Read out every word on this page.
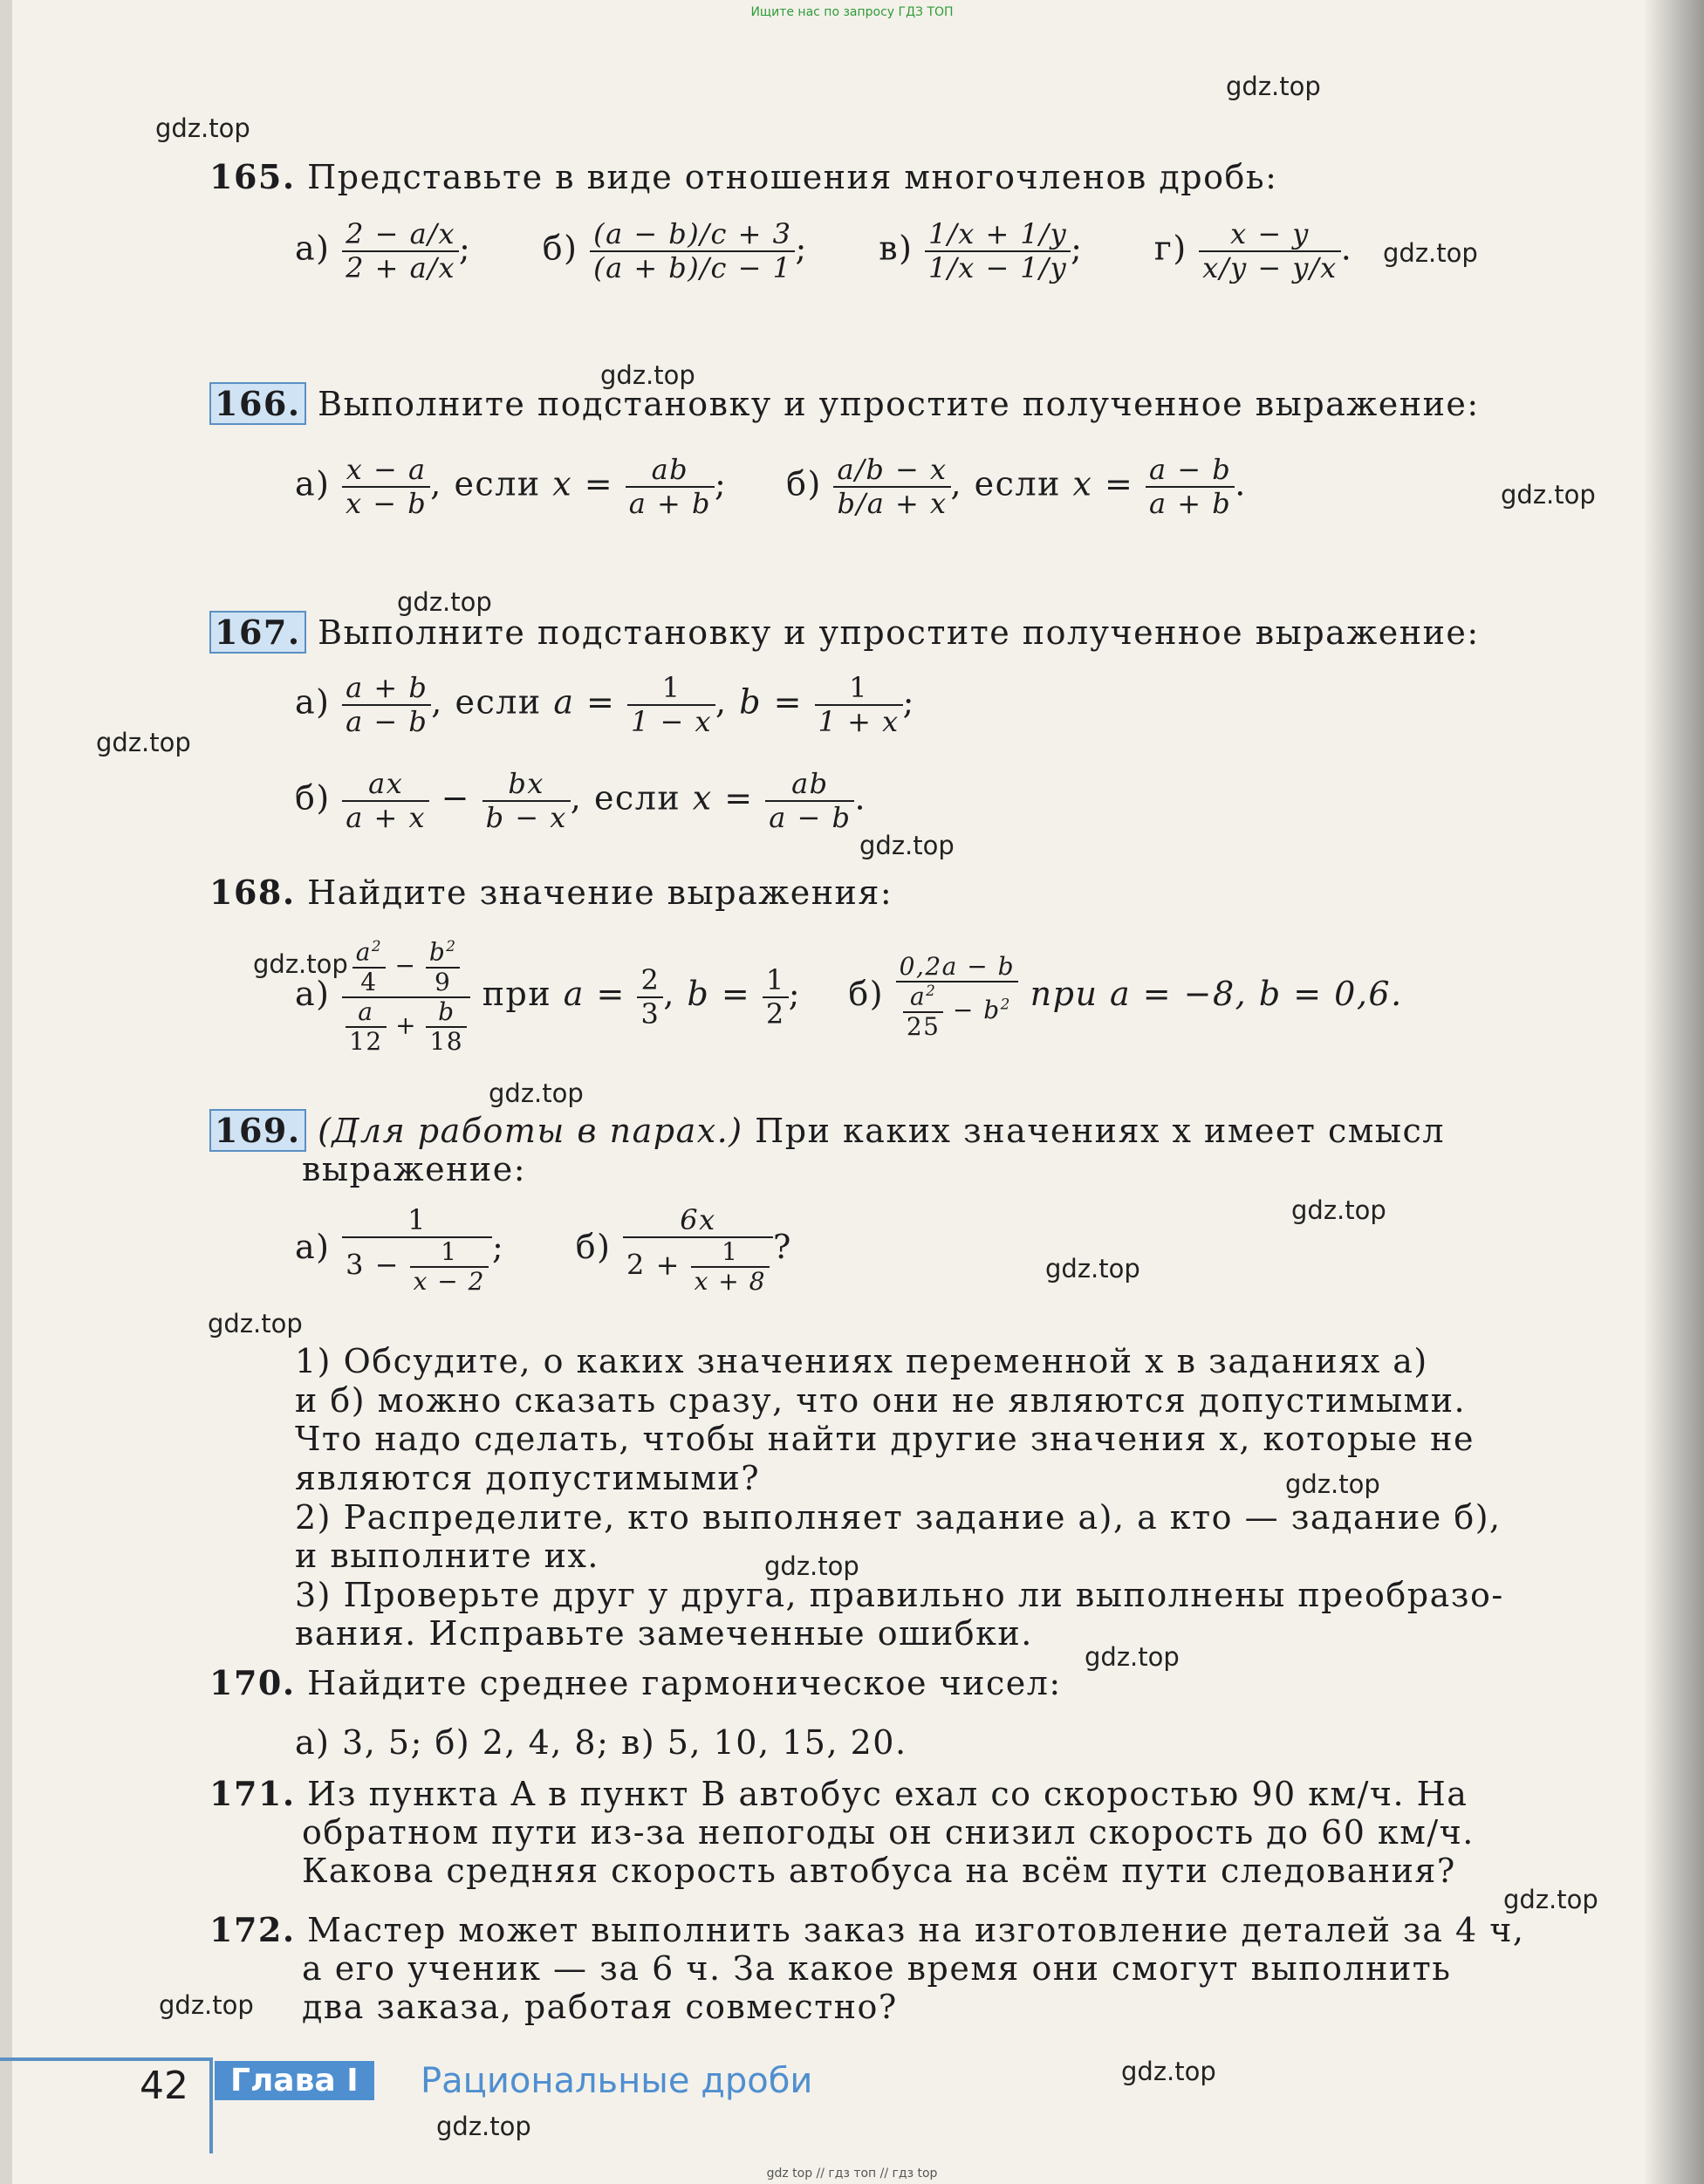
Ищите нас по запросу ГДЗ ТОП
gdz.top
gdz.top
gdz.top
gdz.top
gdz.top
gdz.top
gdz.top
gdz.top
gdz.top
gdz.top
gdz.top
gdz.top
gdz.top
gdz.top
gdz.top
gdz.top
gdz.top
gdz.top
gdz.top
gdz.top
165. Представьте в виде отношения многочленов дробь:
$а) \frac{2 - a/x}{2 + a/x}$ ;      $б) \frac{(a - b)/c + 3}{(a + b)/c - 1}$ ;      $в) \frac{1/x + 1/y}{1/x - 1/y}$ ;      $г) \frac{x - y}{x/y - y/x}$ .
166. Выполните подстановку и упростите полученное выражение:
$а) \frac{x - a}{x - b}$ , если $x = \frac{ab}{a + b}$ ;     $б) \frac{a/b - x}{b/a + x}$ , если $x = \frac{a - b}{a + b}$ .
167. Выполните подстановку и упростите полученное выражение:
$а) \frac{a + b}{a - b}$ , если $a = \frac{1}{1 - x}$ , $b = \frac{1}{1 + x}$ ;
$б) \frac{ax}{a + x} - \frac{bx}{b - x}$ , если $x = \frac{ab}{a - b}$ .
168. Найдите значение выражения:
$а) \frac{\frac{a^2}{4} - \frac{b^2}{9}}{\frac{a}{12} + \frac{b}{18}}$ при $a = \frac{2}{3}$ , $b = \frac{1}{2}$ ;    $б) \frac{0,2a - b}{\frac{a^2}{25} - b^2}$ при a = −8, b = 0,6.
169. (Для работы в парах.) При каких значениях x имеет смысл
выражение:
$а) \frac{1}{3 - \frac{1}{x - 2}}$ ;      $б) \frac{6x}{2 + \frac{1}{x + 8}}$ ?
1) Обсудите, о каких значениях переменной x в заданиях а)
и б) можно сказать сразу, что они не являются допустимыми.
Что надо сделать, чтобы найти другие значения x, которые не
являются допустимыми?
2) Распределите, кто выполняет задание а), а кто — задание б),
и выполните их.
3) Проверьте друг у друга, правильно ли выполнены преобразо-
вания. Исправьте замеченные ошибки.
170. Найдите среднее гармоническое чисел:
а) 3, 5; б) 2, 4, 8; в) 5, 10, 15, 20.
171. Из пункта A в пункт B автобус ехал со скоростью 90 км/ч. На
обратном пути из-за непогоды он снизил скорость до 60 км/ч.
Какова средняя скорость автобуса на всём пути следования?
172. Мастер может выполнить заказ на изготовление деталей за 4 ч,
а его ученик — за 6 ч. За какое время они смогут выполнить
два заказа, работая совместно?
42	Глава I	Рациональные дроби
gdz top // гдз топ // гдз top
